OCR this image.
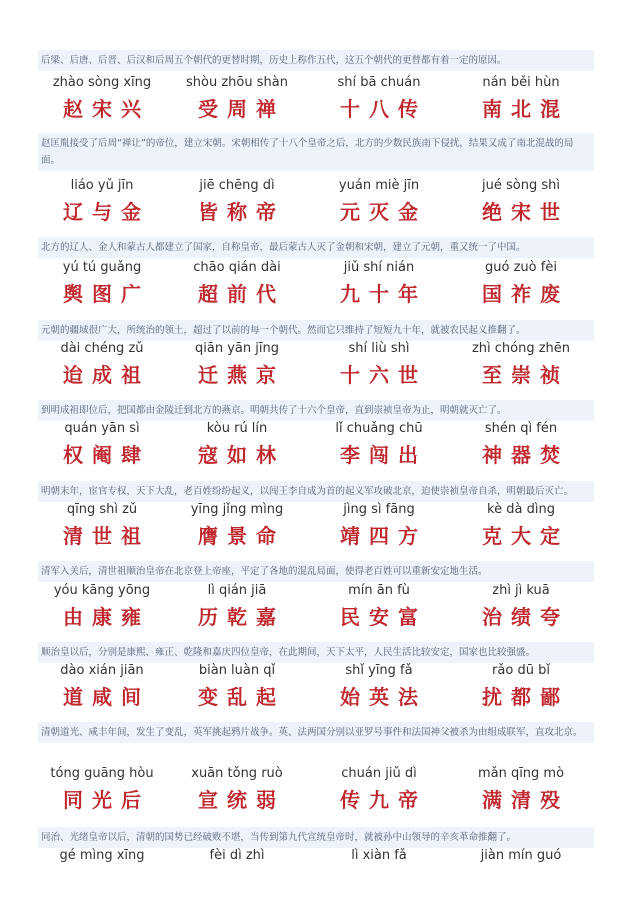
后梁、后唐、后晋、后汉和后周五个朝代的更替时期，历史上称作五代，这五个朝代的更替都有着一定的原因。

zhào sòng xīng
赵宋兴
shòu zhōu shàn
受周禅
shí bā chuán
十八传
nán běi hùn
南北混

赵匡胤接受了后周“禅让”的帝位，建立宋朝。宋朝相传了十八个皇帝之后，北方的少数民族南下侵扰，结果又成了南北混战的局面。

liáo yǔ jīn
辽与金
jiē chēng dì
皆称帝
yuán miè jīn
元灭金
jué sòng shì
绝宋世

北方的辽人、金人和蒙古人都建立了国家，自称皇帝，最后蒙古人灭了金朝和宋朝，建立了元朝，重又统一了中国。

yú tú guǎng
舆图广
chāo qián dài
超前代
jiǔ shí nián
九十年
guó zuò fèi
国祚废

元朝的疆域很广大，所统治的领土，超过了以前的每一个朝代。然而它只维持了短短九十年，就被农民起义推翻了。

dài chéng zǔ
迨成祖
qiān yān jīng
迁燕京
shí liù shì
十六世
zhì chóng zhēn
至崇祯

到明成祖即位后，把国都由金陵迁到北方的燕京。明朝共传了十六个皇帝，直到崇祯皇帝为止，明朝就灭亡了。

quán yān sì
权阉肆
kòu rú lín
寇如林
lǐ chuǎng chū
李闯出
shén qì fén
神器焚

明朝末年，宦官专权，天下大乱，老百姓纷纷起义，以闯王李自成为首的起义军攻破北京，迫使崇祯皇帝自杀，明朝最后灭亡。

qīng shì zǔ
清世祖
yīng jǐng mìng
膺景命
jìng sì fāng
靖四方
kè dà dìng
克大定

清军入关后，清世祖顺治皇帝在北京登上帝座，平定了各地的混乱局面，使得老百姓可以重新安定地生活。

yóu kāng yōng
由康雍
lì qián jiā
历乾嘉
mín ān fù
民安富
zhì jì kuā
治绩夸

顺治皇以后，分别是康熙、雍正、乾隆和嘉庆四位皇帝，在此期间，天下太平，人民生活比较安定，国家也比较强盛。

dào xián jiān
道咸间
biàn luàn qǐ
变乱起
shǐ yīng fǎ
始英法
rǎo dū bǐ
扰都鄙

清朝道光、咸丰年间，发生了变乱，英军挑起鸦片战争。英、法两国分别以亚罗号事件和法国神父被杀为由组成联军，直攻北京。

tóng guāng hòu
同光后
xuān tǒng ruò
宣统弱
chuán jiǔ dì
传九帝
mǎn qīng mò
满清殁

同治、光绪皇帝以后，清朝的国势已经破败不堪，当传到第九代宣统皇帝时，就被孙中山领导的辛亥革命推翻了。

gé mìng xīng	fèi dì zhì	lì xiàn fǎ	jiàn mín guó
